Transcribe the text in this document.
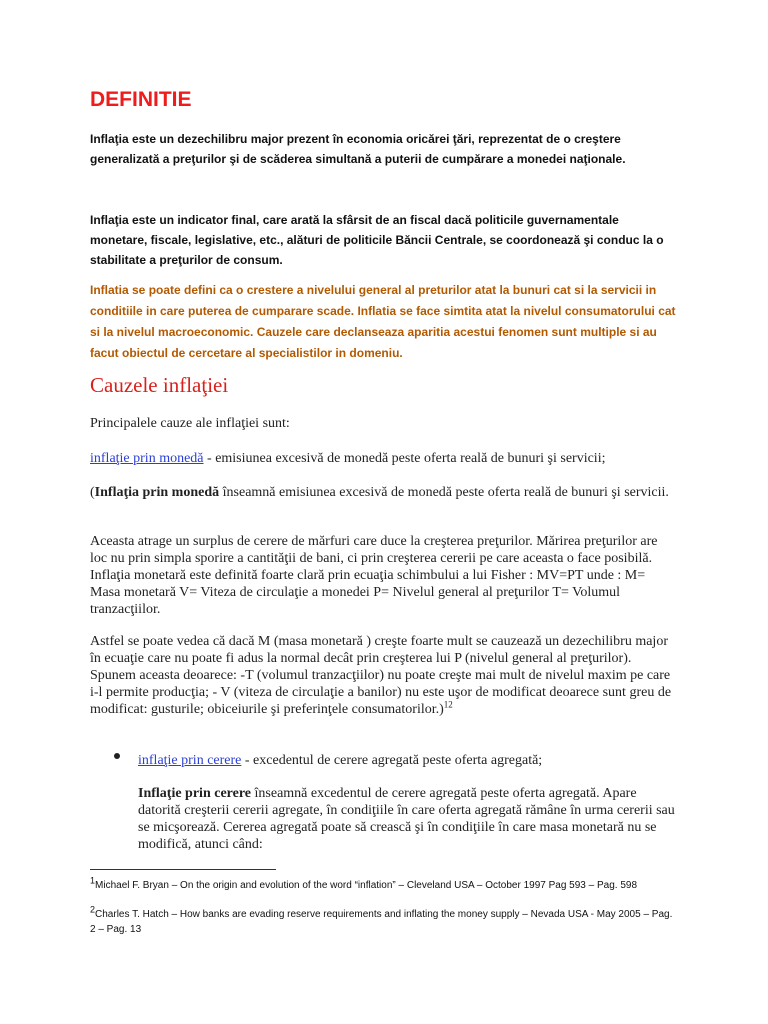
DEFINITIE
Inflaţia este un dezechilibru major prezent în economia oricărei ţări, reprezentat de o creştere generalizată a preţurilor şi de scăderea simultană a puterii de cumpărare a monedei naţionale.
Inflaţia este un indicator final, care arată la sfârsit de an fiscal dacă politicile guvernamentale monetare, fiscale, legislative, etc., alături de politicile Băncii Centrale, se coordonează şi conduc la o stabilitate a preţurilor de consum.
Inflatia se poate defini ca o crestere a nivelului general al preturilor atat la bunuri cat si la servicii in conditiile in care puterea de cumparare scade. Inflatia se face simtita atat la nivelul consumatorului cat si la nivelul macroeconomic. Cauzele care declanseaza aparitia acestui fenomen sunt multiple si au facut obiectul de cercetare al specialistilor in domeniu.
Cauzele inflaţiei
Principalele cauze ale inflaţiei sunt:
inflaţie prin monedă - emisiunea excesivă de monedă peste oferta reală de bunuri şi servicii;
(Inflaţia prin monedă înseamnă emisiunea excesivă de monedă peste oferta reală de bunuri şi servicii.
Aceasta atrage un surplus de cerere de mărfuri care duce la creşterea preţurilor. Mărirea preţurilor are loc nu prin simpla sporire a cantităţii de bani, ci prin creşterea cererii pe care aceasta o face posibilă. Inflaţia monetară este definită foarte clară prin ecuaţia schimbului a lui Fisher : MV=PT unde : M= Masa monetară V= Viteza de circulaţie a monedei P= Nivelul general al preţurilor T= Volumul tranzacţiilor.
Astfel se poate vedea că dacă M (masa monetară ) creşte foarte mult se cauzează un dezechilibru major în ecuaţie care nu poate fi adus la normal decât prin creşterea lui P (nivelul general al preţurilor). Spunem aceasta deoarece: -T (volumul tranzacţiilor) nu poate creşte mai mult de nivelul maxim pe care i-l permite producţia; - V (viteza de circulaţie a banilor) nu este uşor de modificat deoarece sunt greu de modificat: gusturile; obiceiurile şi preferinţele consumatorilor.)$^{12}$
inflaţie prin cerere - excedentul de cerere agregată peste oferta agregată;
Inflaţie prin cerere înseamnă excedentul de cerere agregată peste oferta agregată. Apare datorită creşterii cererii agregate, în condiţiile în care oferta agregată rămâne în urma cererii sau se micşorează. Cererea agregată poate să crească şi în condiţiile în care masa monetară nu se modifică, atunci când:
$^1$Michael F. Bryan – On the origin and evolution of the word “inflation” – Cleveland USA – October 1997 Pag 593 – Pag. 598
$^2$Charles T. Hatch – How banks are evading reserve requirements and inflating the money supply – Nevada USA - May 2005 – Pag. 2 – Pag. 13
